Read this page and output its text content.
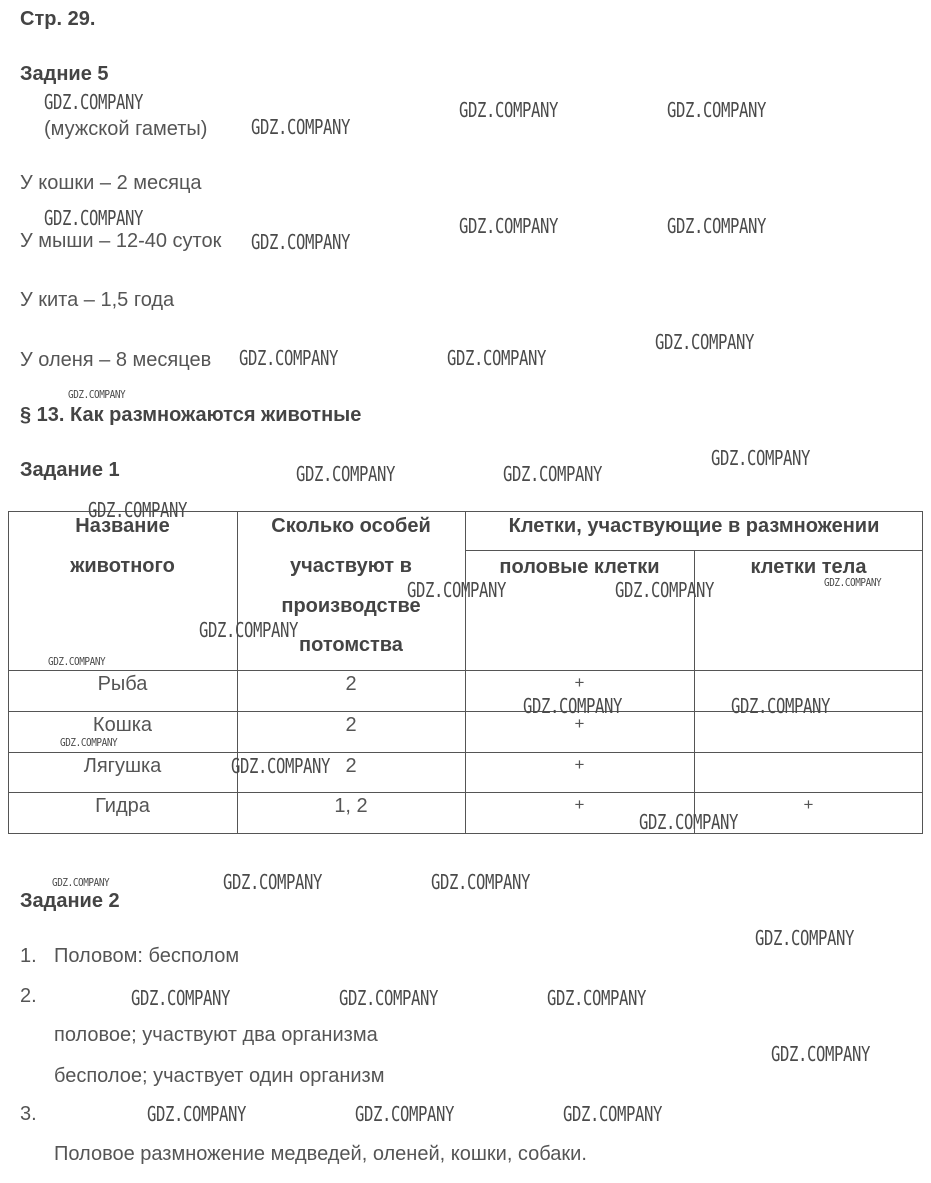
Стр. 29.
Задние 5
(мужской гаметы)
У кошки – 2 месяца
У мыши – 12-40 суток
У кита – 1,5 года
У оленя – 8 месяцев
§ 13. Как размножаются животные
Задание 1
Название
животного
Сколько особей
участвуют в
производстве
потомства
Клетки, участвующие в размножении
половые клетки	клетки тела
Рыба	2	+
Кошка	2	+
Лягушка	2	+
Гидра	1, 2	+	+
Задание 2
1. Половом: бесполом
2.
половое; участвуют два организма
бесполое; участвует один организм
3.
Половое размножение медведей, оленей, кошки, собаки.
GDZ.COMPANY
GDZ.COMPANY
GDZ.COMPANY	GDZ.COMPANY
GDZ.COMPANY
GDZ.COMPANY
GDZ.COMPANY	GDZ.COMPANY
GDZ.COMPANY	GDZ.COMPANY
GDZ.COMPANY
GDZ.COMPANY
GDZ.COMPANY	GDZ.COMPANY
GDZ.COMPANY
GDZ.COMPANY
GDZ.COMPANY	GDZ.COMPANY	GDZ.COMPANY
GDZ.COMPANY
GDZ.COMPANY
GDZ.COMPANY	GDZ.COMPANY
GDZ.COMPANY
GDZ.COMPANY
GDZ.COMPANY
GDZ.COMPANY	GDZ.COMPANY	GDZ.COMPANY
GDZ.COMPANY
GDZ.COMPANY	GDZ.COMPANY	GDZ.COMPANY
GDZ.COMPANY
GDZ.COMPANY	GDZ.COMPANY	GDZ.COMPANY
